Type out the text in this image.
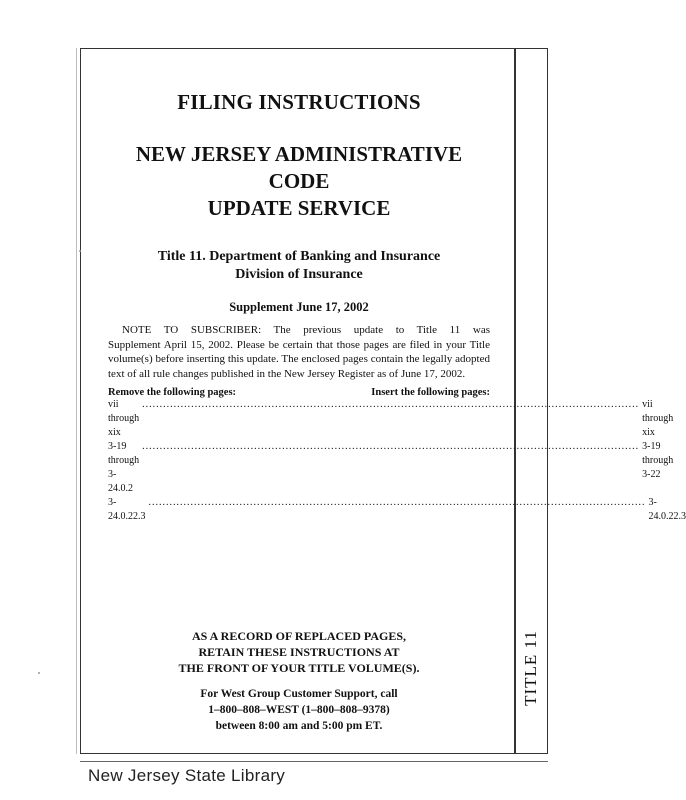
TITLE 11
FILING INSTRUCTIONS
NEW JERSEY ADMINISTRATIVE CODE
UPDATE SERVICE
Title 11. Department of Banking and Insurance
Division of Insurance
Supplement June 17, 2002
NOTE TO SUBSCRIBER: The previous update to Title 11 was
Supplement April 15, 2002. Please be certain that those pages are filed in your Title volume(s) before inserting this update. The enclosed pages contain the legally adopted text of all rule changes published in the New Jersey Register as of June 17, 2002.
Remove the following pages:	Insert the following pages:
vii through xix
.............................................................................................................................................. vii through xix
3-19 through 3-24.0.2
.............................................................................................................................................. 3-19 through 3-22
3-24.0.22.3
.............................................................................................................................................. 3-24.0.22.3
AS A RECORD OF REPLACED PAGES,
RETAIN THESE INSTRUCTIONS AT
THE FRONT OF YOUR TITLE VOLUME(S).
For West Group Customer Support, call
1–800–808–WEST (1–800–808–9378)
between 8:00 am and 5:00 pm ET.
New Jersey State Library
